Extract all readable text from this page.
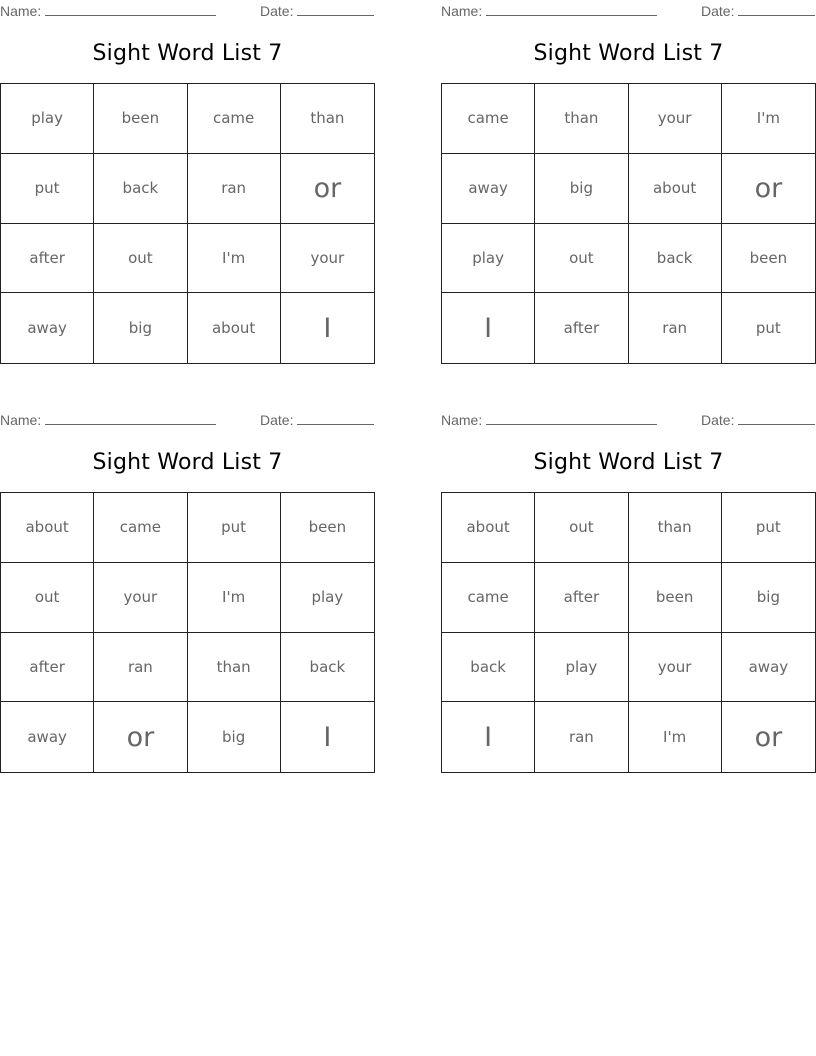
Name:	Date:
Sight Word List 7
play	been	came	than
put	back	ran	or
after	out	I'm	your
away	big	about	I
Name:	Date:
Sight Word List 7
came	than	your	I'm
away	big	about	or
play	out	back	been
I	after	ran	put
Name:	Date:
Sight Word List 7
about	came	put	been
out	your	I'm	play
after	ran	than	back
away	or	big	I
Name:	Date:
Sight Word List 7
about	out	than	put
came	after	been	big
back	play	your	away
I	ran	I'm	or
